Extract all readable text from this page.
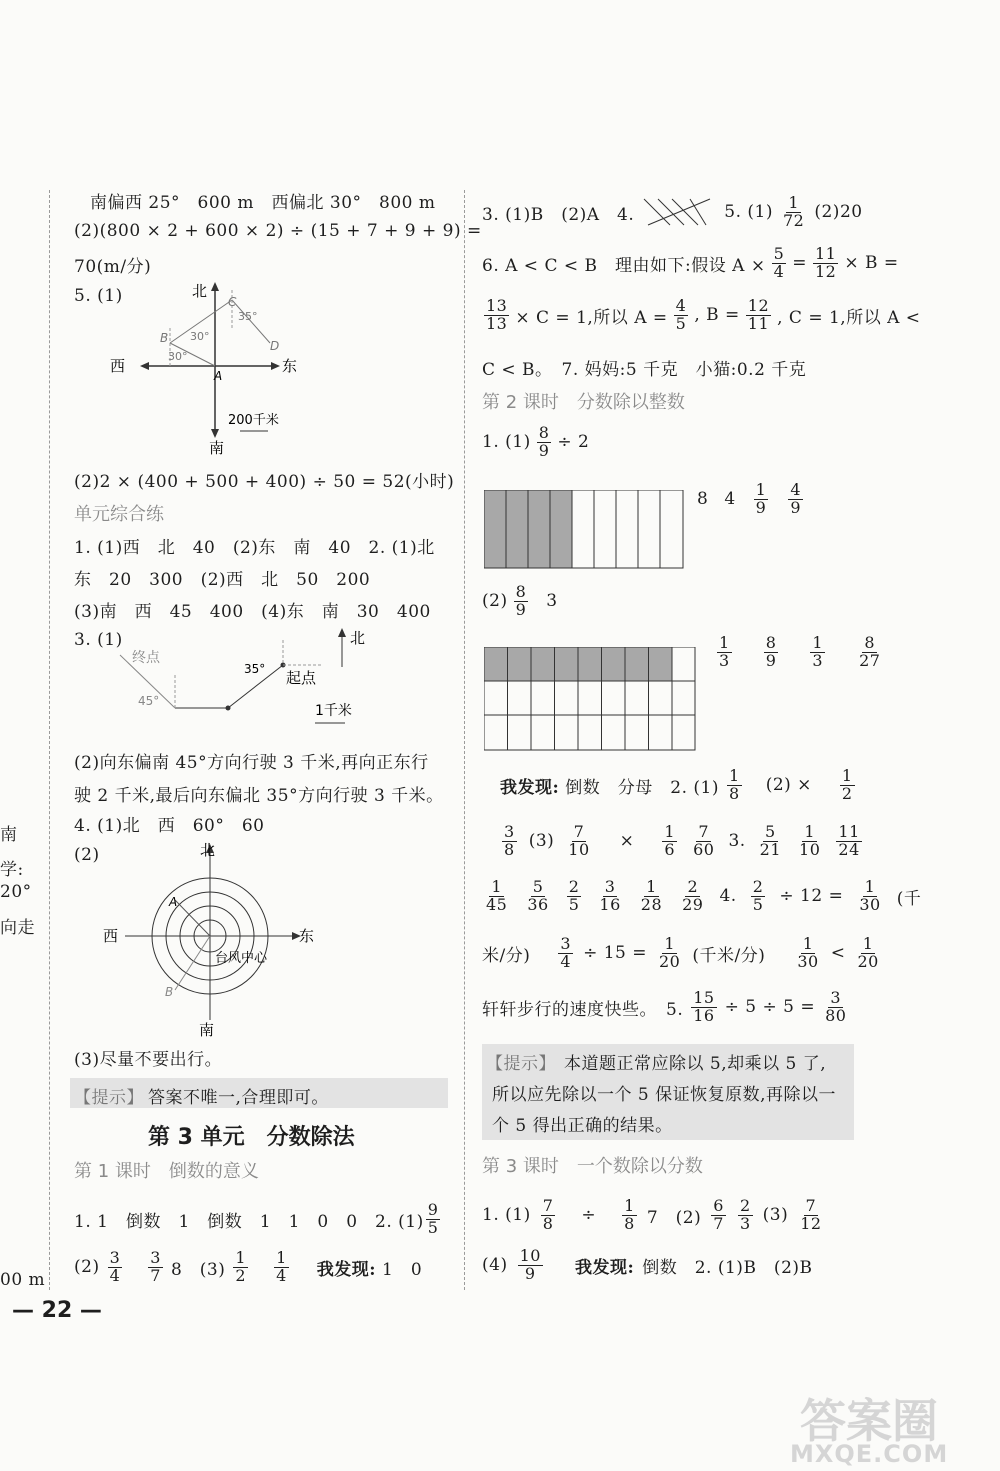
南
学:
20°
向走
00 m
南偏西 25°　600 m　西偏北 30°　800 m
(2)(800 × 2 + 600 × 2) ÷ (15 + 7 + 9 + 9) =
70(m/分)
5. (1)	北
南
西	东
A
B
C
D
35°
30°
30°
200千米
(2)2 × (400 + 500 + 400) ÷ 50 = 52(小时)
单元综合练
1. (1)西　北　40　(2)东　南　40　2. (1)北
东　20　300　(2)西　北　50　200
(3)南　西　45　400　(4)东　南　30　400
3. (1)
终点
起点
35°
45°
北
1千米
(2)向东偏南 45°方向行驶 3 千米,再向正东行
驶 2 千米,最后向东偏北 35°方向行驶 3 千米。
4. (1)北　西　60°　60
(2)	北
南
西	东
A
B
台风中心
(3)尽量不要出行。
【提示】 答案不唯一,合理即可。
第 3 单元　分数除法
第 1 课时　倒数的意义
1. 1　倒数　1　倒数　1　1　0　0　2. $(1) \frac{9}{5}$
$(2) \frac{3}{4} \frac{3}{7} 8$　$(3) \frac{1}{2} \frac{1}{4}$ 我发现: 1　0
— 22 —
3. (1)B　(2)A　4.	5. $(1) \frac{1}{72} (2)20$
6. A < C < B　理由如下:假设 $A \times \frac{5}{4} = \frac{11}{12} \times B$ =
$\frac{13}{13} \times C = 1$,所以 $A = \frac{4}{5}$ , $B = \frac{12}{11}$ , C = 1,所以 A <
C < B。　7. 妈妈:5 千克　小猫:0.2 千克
第 2 课时　分数除以整数
1. $(1) \frac{8}{9} \div 2$
8 $4 \frac{1}{9} \frac{4}{9}$
$(2) \frac{8}{9} 3$
$\frac{1}{3} \frac{8}{9} \frac{1}{3} \frac{8}{27}$
我发现: 倒数　分母　2. $(1) \frac{1}{8} (2) \times \frac{1}{2}$
$\frac{3}{8} (3) \frac{7}{10} \times \frac{1}{6} \frac{7}{60} 3$. $\frac{5}{21} \frac{1}{10} \frac{11}{24}$
$\frac{1}{45} \frac{5}{36} \frac{2}{5} \frac{3}{16} \frac{1}{28} \frac{2}{29} 4$. $\frac{2}{5} \div 12 = \frac{1}{30}$ (千
米/分) $\frac{3}{4} \div 15 = \frac{1}{20}$ (千米/分) $\frac{1}{30} < \frac{1}{20}$
轩轩步行的速度快些。　5. $\frac{15}{16} \div 5 \div 5 = \frac{3}{80}$
【提示】 本道题正常应除以 5,却乘以 5 了,
所以应先除以一个 5 保证恢复原数,再除以一
个 5 得出正确的结果。
第 3 课时　一个数除以分数
1. $(1) \frac{7}{8} \div \frac{1}{8} 7$　$(2) \frac{6}{7} \frac{2}{3} (3) \frac{7}{12}$
$(4) \frac{10}{9}$ 我发现: 倒数　2. (1)B　(2)B
答案圈
MXQE.COM
